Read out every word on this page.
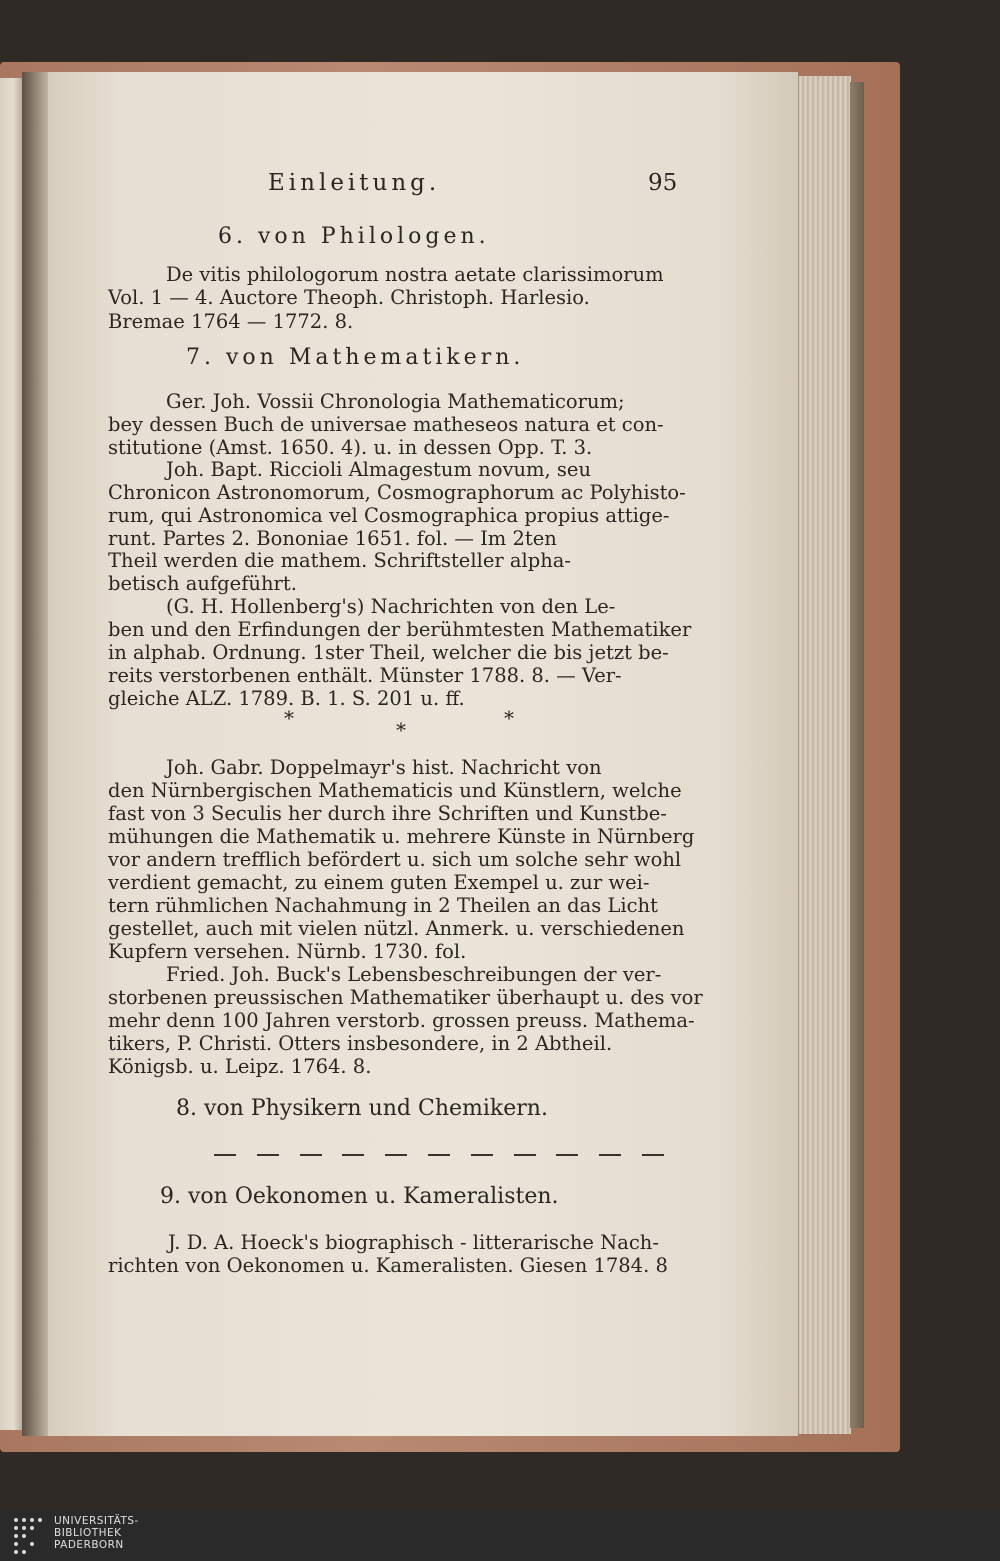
Einleitung.	95
6. von Philologen.
De vitis philologorum nostra aetate clarissimorum
Vol. 1 — 4. Auctore Theoph. Christoph. Harlesio.
Bremae 1764 — 1772. 8.
7. von Mathematikern.
Ger. Joh. Vossii Chronologia Mathematicorum;
bey dessen Buch de universae matheseos natura et con-
stitutione (Amst. 1650. 4). u. in dessen Opp. T. 3.
Joh. Bapt. Riccioli Almagestum novum, seu
Chronicon Astronomorum, Cosmographorum ac Polyhisto-
rum, qui Astronomica vel Cosmographica propius attige-
runt. Partes 2. Bononiae 1651. fol. — Im 2ten
Theil werden die mathem. Schriftsteller alpha-
betisch aufgeführt.
(G. H. Hollenberg's) Nachrichten von den Le-
ben und den Erfindungen der berühmtesten Mathematiker
in alphab. Ordnung. 1ster Theil, welcher die bis jetzt be-
reits verstorbenen enthält. Münster 1788. 8. — Ver-
gleiche ALZ. 1789. B. 1. S. 201 u. ff.
*	*	*
Joh. Gabr. Doppelmayr's hist. Nachricht von
den Nürnbergischen Mathematicis und Künstlern, welche
fast von 3 Seculis her durch ihre Schriften und Kunstbe-
mühungen die Mathematik u. mehrere Künste in Nürnberg
vor andern trefflich befördert u. sich um solche sehr wohl
verdient gemacht, zu einem guten Exempel u. zur wei-
tern rühmlichen Nachahmung in 2 Theilen an das Licht
gestellet, auch mit vielen nützl. Anmerk. u. verschiedenen
Kupfern versehen. Nürnb. 1730. fol.
Fried. Joh. Buck's Lebensbeschreibungen der ver-
storbenen preussischen Mathematiker überhaupt u. des vor
mehr denn 100 Jahren verstorb. grossen preuss. Mathema-
tikers, P. Christi. Otters insbesondere, in 2 Abtheil.
Königsb. u. Leipz. 1764. 8.
8. von Physikern und Chemikern.
9. von Oekonomen u. Kameralisten.
J. D. A. Hoeck's biographisch - litterarische Nach-
richten von Oekonomen u. Kameralisten. Giesen 1784. 8
UNIVERSITÄTS-
BIBLIOTHEK
PADERBORN
